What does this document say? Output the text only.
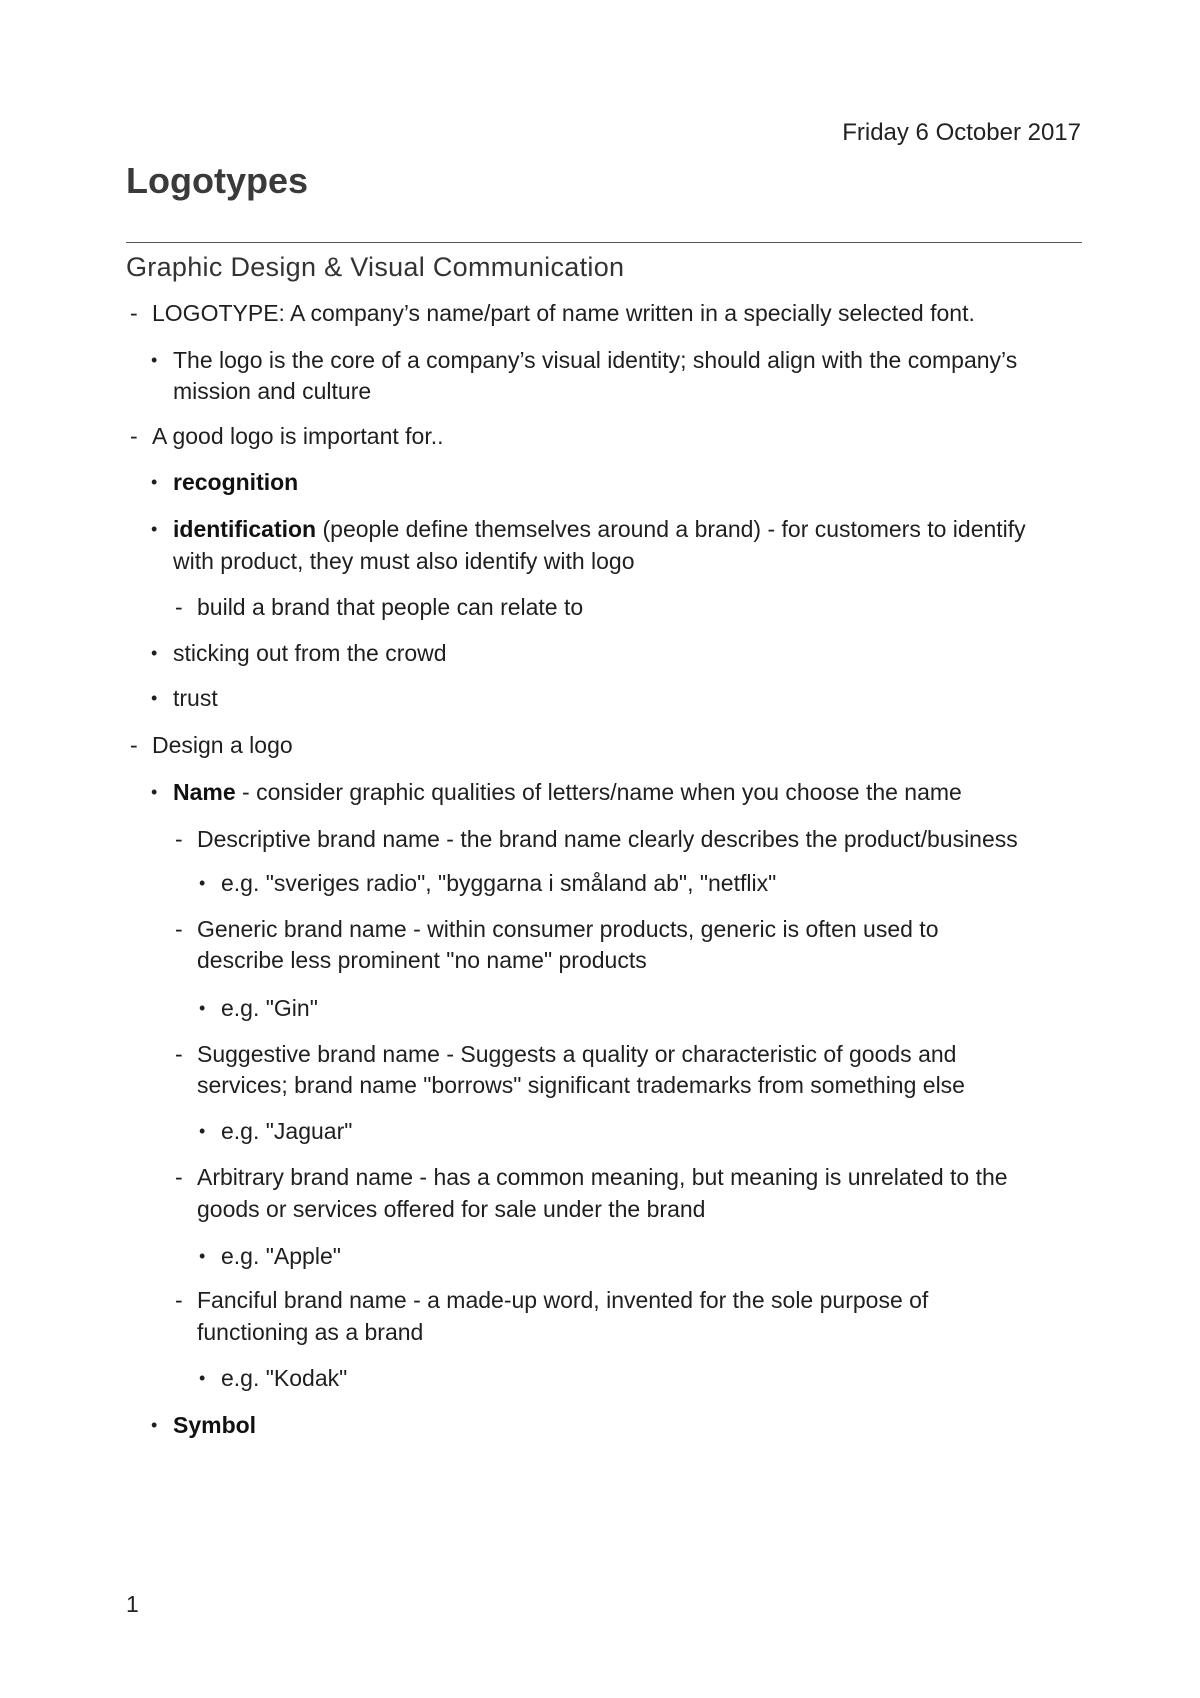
Friday 6 October 2017
Logotypes
Graphic Design & Visual Communication
- LOGOTYPE: A company’s name/part of name written in a specially selected font.
• The logo is the core of a company’s visual identity; should align with the company’s
mission and culture
- A good logo is important for..
• recognition
• identification (people define themselves around a brand) - for customers to identify
with product, they must also identify with logo
- build a brand that people can relate to
• sticking out from the crowd
• trust
- Design a logo
• Name - consider graphic qualities of letters/name when you choose the name
- Descriptive brand name - the brand name clearly describes the product/business
• e.g. "sveriges radio", "byggarna i småland ab", "netflix"
- Generic brand name - within consumer products, generic is often used to
describe less prominent "no name" products
• e.g. "Gin"
- Suggestive brand name - Suggests a quality or characteristic of goods and
services; brand name "borrows" significant trademarks from something else
• e.g. "Jaguar"
- Arbitrary brand name - has a common meaning, but meaning is unrelated to the
goods or services offered for sale under the brand
• e.g. "Apple"
- Fanciful brand name - a made-up word, invented for the sole purpose of
functioning as a brand
• e.g. "Kodak"
• Symbol
1
